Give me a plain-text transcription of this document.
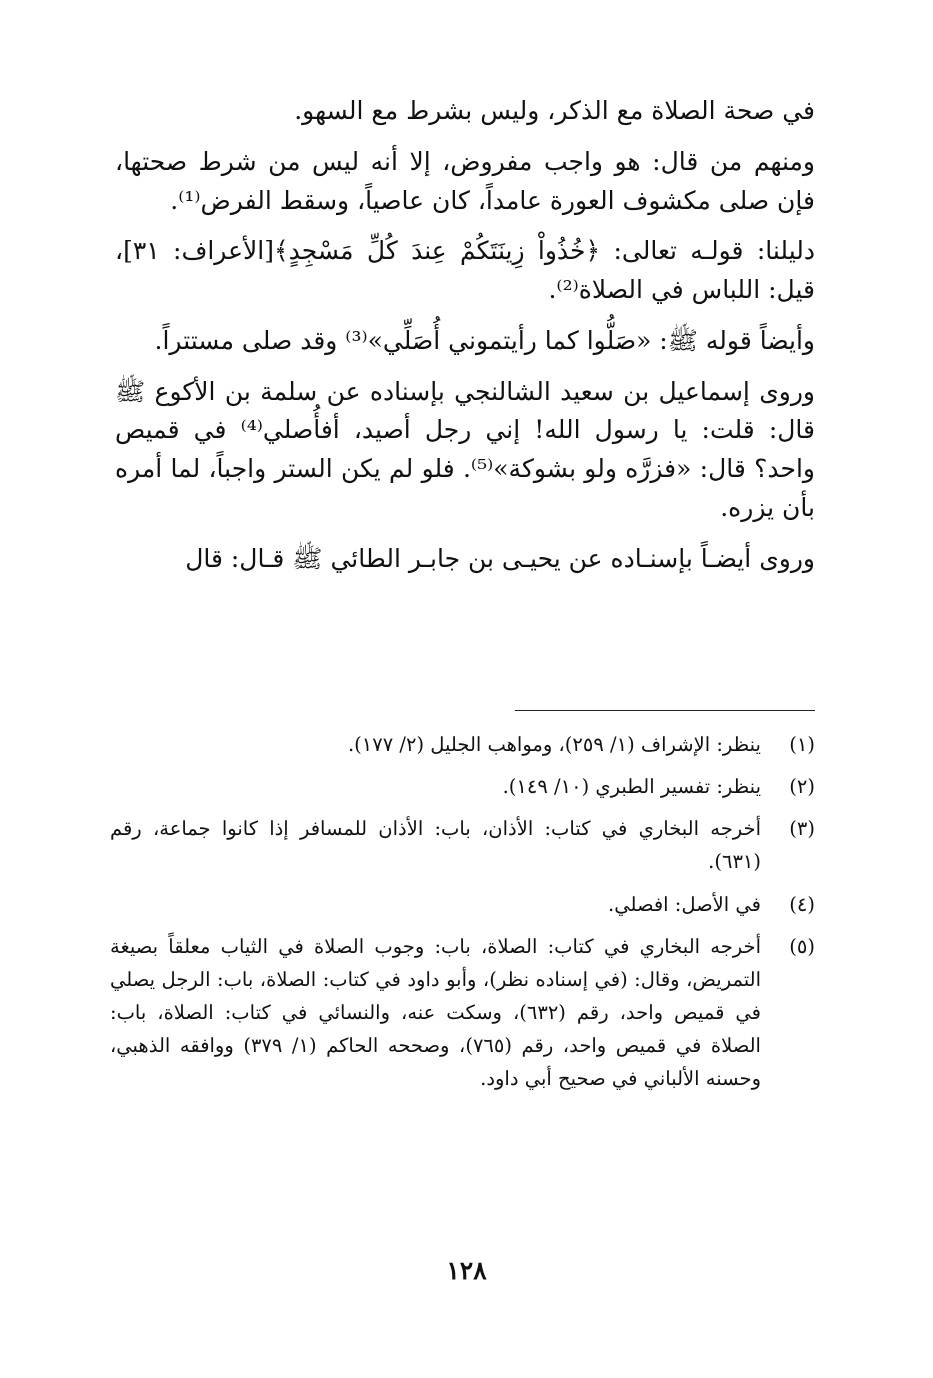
في صحة الصلاة مع الذكر، وليس بشرط مع السهو.

ومنهم من قال: هو واجب مفروض، إلا أنه ليس من شرط صحتها، فإن صلى مكشوف العورة عامداً، كان عاصياً، وسقط الفرض⁽¹⁾.

دليلنا: قولـه تعالى: ﴿خُذُواْ زِينَتَكُمْ عِندَ كُلِّ مَسْجِدٍ﴾[الأعراف: ٣١]، قيل: اللباس في الصلاة⁽²⁾.

وأيضاً قوله ﷺ: «صَلُّوا كما رأيتموني أُصَلِّي»⁽³⁾ وقد صلى مستتراً.

وروى إسماعيل بن سعيد الشالنجي بإسناده عن سلمة بن الأكوع ﷺ قال: قلت: يا رسول الله! إني رجل أصيد، أفأُصلي⁽⁴⁾ في قميص واحد؟ قال: «فزرَّه ولو بشوكة»⁽⁵⁾. فلو لم يكن الستر واجباً، لما أمره بأن يزره.

وروى أيضـاً بإسنـاده عن يحيـى بن جابـر الطائي ﷺ قـال: قال

(١)
ينظر: الإشراف (١/ ٢٥٩)، ومواهب الجليل (٢/ ١٧٧).
(٢)
ينظر: تفسير الطبري (١٠/ ١٤٩).
(٣)
أخرجه البخاري في كتاب: الأذان، باب: الأذان للمسافر إذا كانوا جماعة، رقم (٦٣١).
(٤)
في الأصل: افصلي.
(٥)
أخرجه البخاري في كتاب: الصلاة، باب: وجوب الصلاة في الثياب معلقاً بصيغة التمريض، وقال: (في إسناده نظر)، وأبو داود في كتاب: الصلاة، باب: الرجل يصلي في قميص واحد، رقم (٦٣٢)، وسكت عنه، والنسائي في كتاب: الصلاة، باب: الصلاة في قميص واحد، رقم (٧٦٥)، وصححه الحاكم (١/ ٣٧٩) ووافقه الذهبي، وحسنه الألباني في صحيح أبي داود.
١٢٨
